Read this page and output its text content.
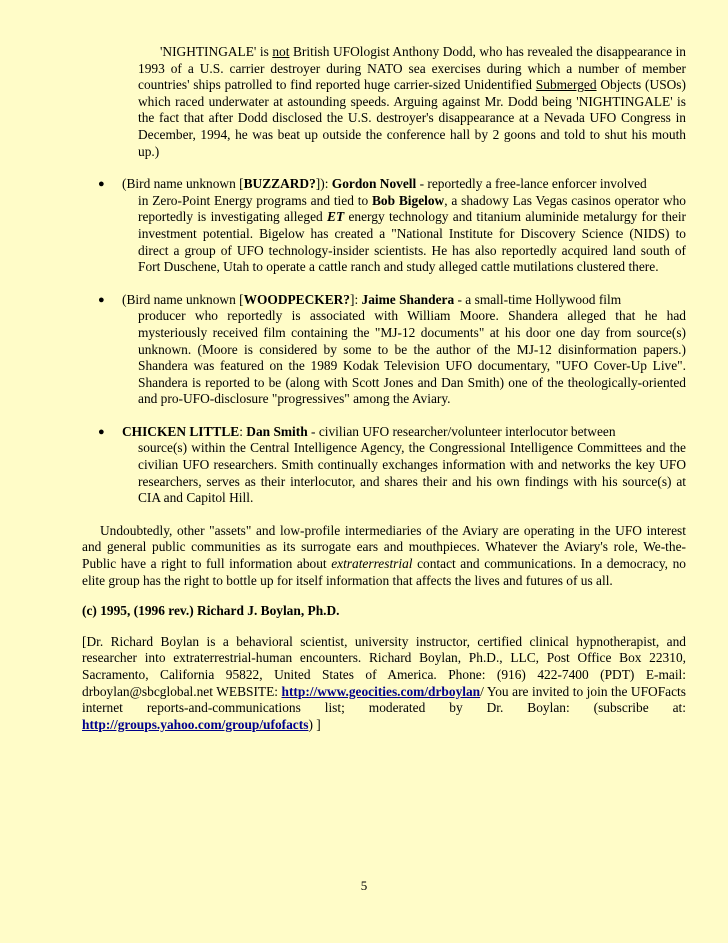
'NIGHTINGALE' is not British UFOlogist Anthony Dodd, who has revealed the disappearance in 1993 of a U.S. carrier destroyer during NATO sea exercises during which a number of member countries' ships patrolled to find reported huge carrier-sized Unidentified Submerged Objects (USOs) which raced underwater at astounding speeds. Arguing against Mr. Dodd being 'NIGHTINGALE' is the fact that after Dodd disclosed the U.S. destroyer's disappearance at a Nevada UFO Congress in December, 1994, he was beat up outside the conference hall by 2 goons and told to shut his mouth up.)

●	(Bird name unknown [BUZZARD?]): Gordon Novell - reportedly a free-lance enforcer involved
in Zero-Point Energy programs and tied to Bob Bigelow, a shadowy Las Vegas casinos operator who reportedly is investigating alleged ET energy technology and titanium aluminide metalurgy for their investment potential. Bigelow has created a "National Institute for Discovery Science (NIDS) to direct a group of UFO technology-insider scientists. He has also reportedly acquired land south of Fort Duschene, Utah to operate a cattle ranch and study alleged cattle mutilations clustered there.
●	(Bird name unknown [WOODPECKER?]: Jaime Shandera - a small-time Hollywood film
producer who reportedly is associated with William Moore. Shandera alleged that he had mysteriously received film containing the "MJ-12 documents" at his door one day from source(s) unknown. (Moore is considered by some to be the author of the MJ-12 disinformation papers.) Shandera was featured on the 1989 Kodak Television UFO documentary, "UFO Cover-Up Live". Shandera is reported to be (along with Scott Jones and Dan Smith) one of the theologically-oriented and pro-UFO-disclosure "progressives" among the Aviary.
●	CHICKEN LITTLE: Dan Smith - civilian UFO researcher/volunteer interlocutor between
source(s) within the Central Intelligence Agency, the Congressional Intelligence Committees and the civilian UFO researchers. Smith continually exchanges information with and networks the key UFO researchers, serves as their interlocutor, and shares their and his own findings with his source(s) at CIA and Capitol Hill.

Undoubtedly, other "assets" and low-profile intermediaries of the Aviary are operating in the UFO interest and general public communities as its surrogate ears and mouthpieces. Whatever the Aviary's role, We-the-Public have a right to full information about extraterrestrial contact and communications. In a democracy, no elite group has the right to bottle up for itself information that affects the lives and futures of us all.

(c) 1995, (1996 rev.) Richard J. Boylan, Ph.D.
[Dr. Richard Boylan is a behavioral scientist, university instructor, certified clinical hypnotherapist, and researcher into extraterrestrial-human encounters. Richard Boylan, Ph.D., LLC, Post Office Box 22310, Sacramento, California 95822, United States of America. Phone: (916) 422-7400 (PDT) E-mail: drboylan@sbcglobal.net WEBSITE: http://www.geocities.com/drboylan/ You are invited to join the UFOFacts internet reports-and-communications list; moderated by Dr. Boylan: (subscribe at: http://groups.yahoo.com/group/ufofacts) ]
5
